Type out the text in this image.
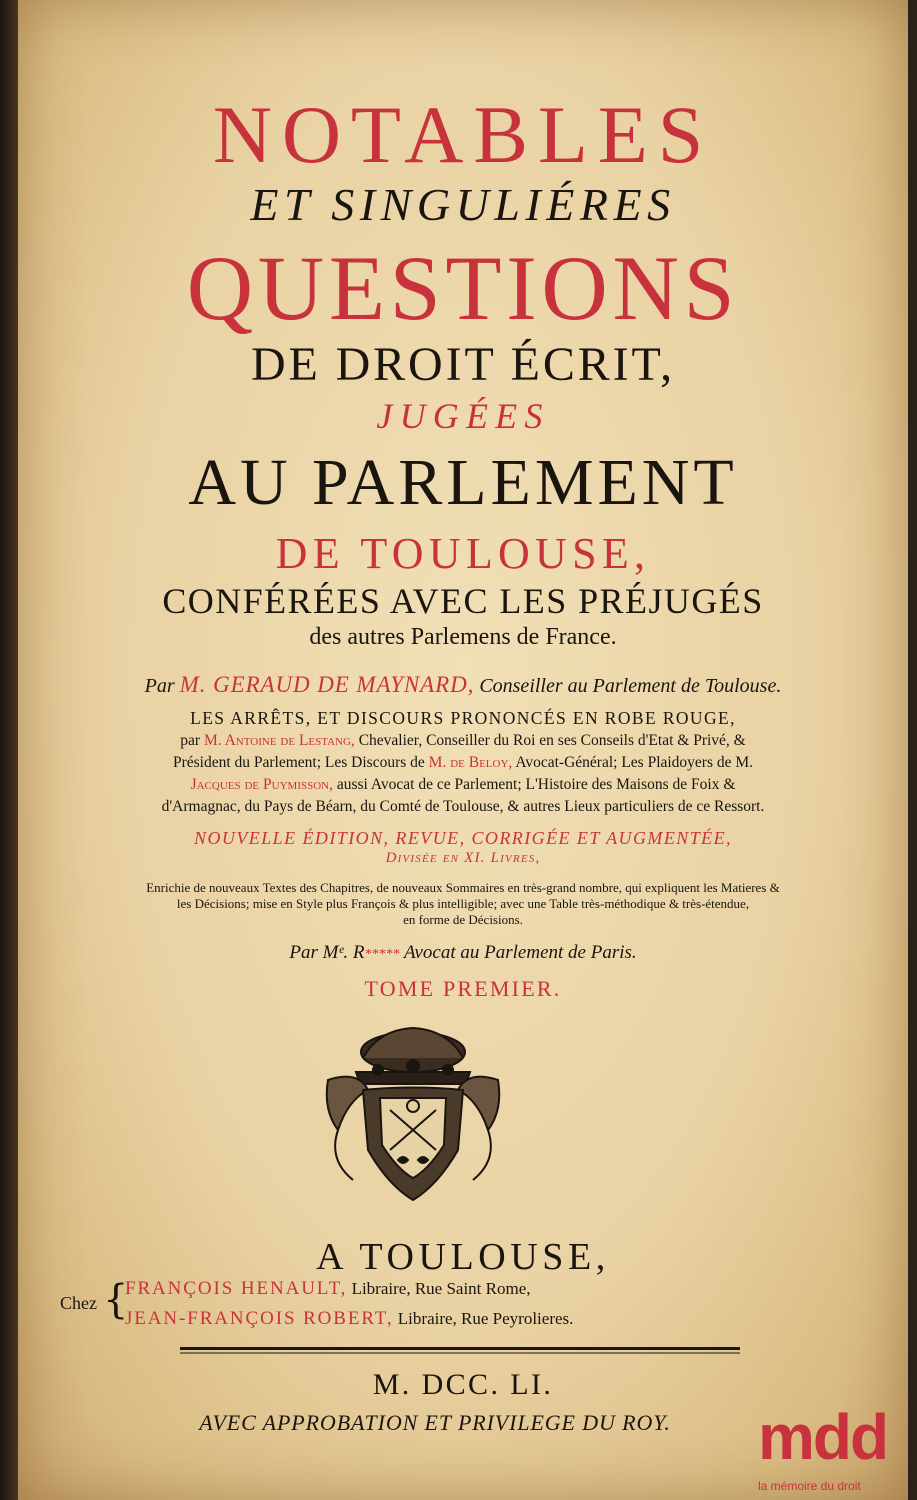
NOTABLES
ET SINGULIÉRES
QUESTIONS
DE DROIT ÉCRIT,
JUGÉES
AU PARLEMENT
DE TOULOUSE,
CONFÉRÉES AVEC LES PRÉJUGÉS
des autres Parlemens de France.
Par M. GERAUD DE MAYNARD, Conseiller au Parlement de Toulouse.
LES ARRÊTS, ET DISCOURS PRONONCÉS EN ROBE ROUGE,
par M. Antoine de Lestang, Chevalier, Conseiller du Roi en ses Conseils d'Etat & Privé, &
Président du Parlement; Les Discours de M. de Beloy, Avocat-Général; Les Plaidoyers de M.
Jacques de Puymisson, aussi Avocat de ce Parlement; L'Histoire des Maisons de Foix &
d'Armagnac, du Pays de Béarn, du Comté de Toulouse, & autres Lieux particuliers de ce Ressort.
NOUVELLE ÉDITION, REVUE, CORRIGÉE ET AUGMENTÉE,
Divisée en XI. Livres,
Enrichie de nouveaux Textes des Chapitres, de nouveaux Sommaires en très-grand nombre, qui expliquent les Matieres &
les Décisions; mise en Style plus François & plus intelligible; avec une Table très-méthodique & très-étendue,
en forme de Décisions.
Par Mᵉ. R***** Avocat au Parlement de Paris.
TOME PREMIER.
A TOULOUSE,
Chez {
FRANÇOIS HENAULT, Libraire, Rue Saint Rome,
JEAN-FRANÇOIS ROBERT, Libraire, Rue Peyrolieres.
M. DCC. LI.
AVEC APPROBATION ET PRIVILEGE DU ROY.	mdd
la mémoire du droit
